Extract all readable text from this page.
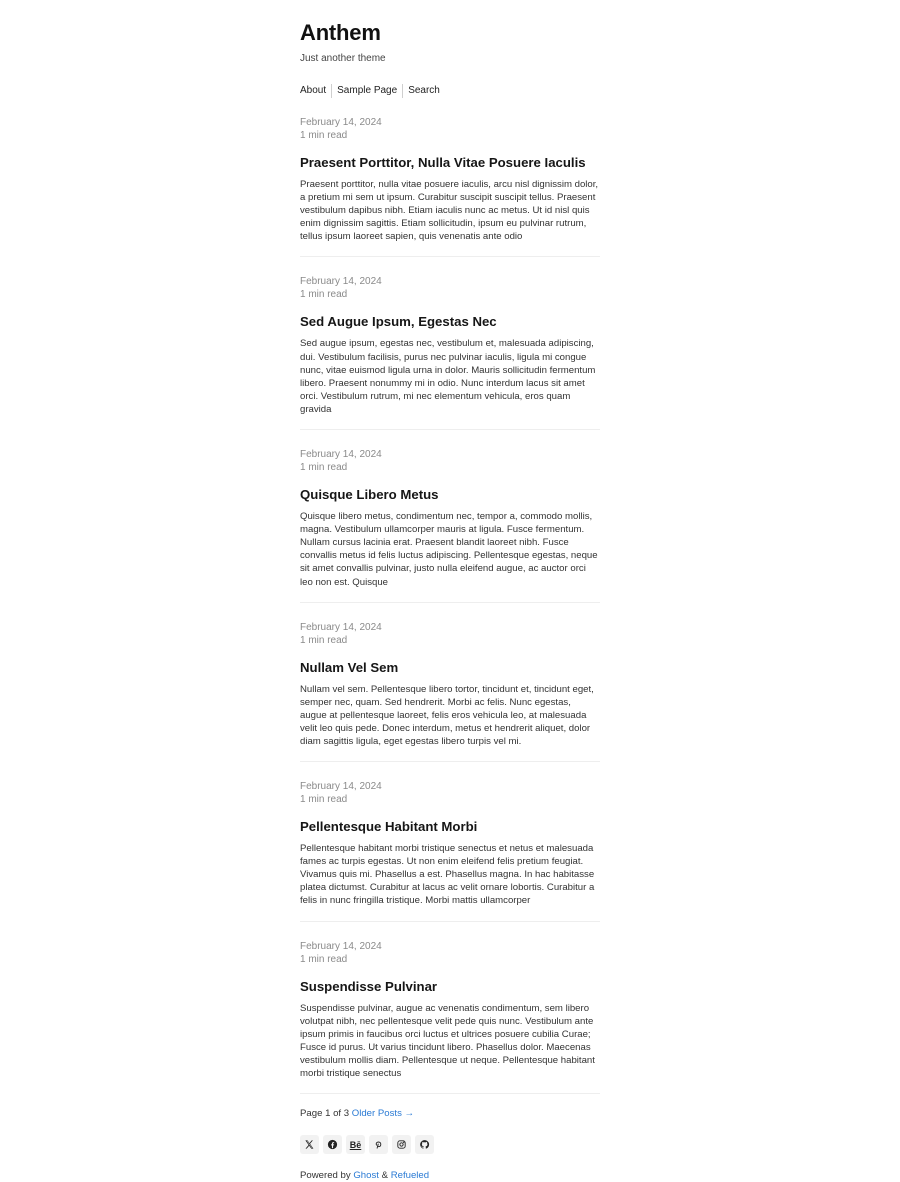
Anthem
Just another theme
About	Sample Page	Search
February 14, 2024
1 min read
Praesent Porttitor, Nulla Vitae Posuere Iaculis

Praesent porttitor, nulla vitae posuere iaculis, arcu nisl dignissim dolor, a pretium mi sem ut ipsum. Curabitur suscipit suscipit tellus. Praesent vestibulum dapibus nibh. Etiam iaculis nunc ac metus. Ut id nisl quis enim dignissim sagittis. Etiam sollicitudin, ipsum eu pulvinar rutrum, tellus ipsum laoreet sapien, quis venenatis ante odio

February 14, 2024
1 min read
Sed Augue Ipsum, Egestas Nec

Sed augue ipsum, egestas nec, vestibulum et, malesuada adipiscing, dui. Vestibulum facilisis, purus nec pulvinar iaculis, ligula mi congue nunc, vitae euismod ligula urna in dolor. Mauris sollicitudin fermentum libero. Praesent nonummy mi in odio. Nunc interdum lacus sit amet orci. Vestibulum rutrum, mi nec elementum vehicula, eros quam gravida

February 14, 2024
1 min read
Quisque Libero Metus

Quisque libero metus, condimentum nec, tempor a, commodo mollis, magna. Vestibulum ullamcorper mauris at ligula. Fusce fermentum. Nullam cursus lacinia erat. Praesent blandit laoreet nibh. Fusce convallis metus id felis luctus adipiscing. Pellentesque egestas, neque sit amet convallis pulvinar, justo nulla eleifend augue, ac auctor orci leo non est. Quisque

February 14, 2024
1 min read
Nullam Vel Sem

Nullam vel sem. Pellentesque libero tortor, tincidunt et, tincidunt eget, semper nec, quam. Sed hendrerit. Morbi ac felis. Nunc egestas, augue at pellentesque laoreet, felis eros vehicula leo, at malesuada velit leo quis pede. Donec interdum, metus et hendrerit aliquet, dolor diam sagittis ligula, eget egestas libero turpis vel mi.

February 14, 2024
1 min read
Pellentesque Habitant Morbi

Pellentesque habitant morbi tristique senectus et netus et malesuada fames ac turpis egestas. Ut non enim eleifend felis pretium feugiat. Vivamus quis mi. Phasellus a est. Phasellus magna. In hac habitasse platea dictumst. Curabitur at lacus ac velit ornare lobortis. Curabitur a felis in nunc fringilla tristique. Morbi mattis ullamcorper

February 14, 2024
1 min read
Suspendisse Pulvinar

Suspendisse pulvinar, augue ac venenatis condimentum, sem libero volutpat nibh, nec pellentesque velit pede quis nunc. Vestibulum ante ipsum primis in faucibus orci luctus et ultrices posuere cubilia Curae; Fusce id purus. Ut varius tincidunt libero. Phasellus dolor. Maecenas vestibulum mollis diam. Pellentesque ut neque. Pellentesque habitant morbi tristique senectus

Page 1 of 3 Older Posts →
Bē
Powered by Ghost & Refueled
